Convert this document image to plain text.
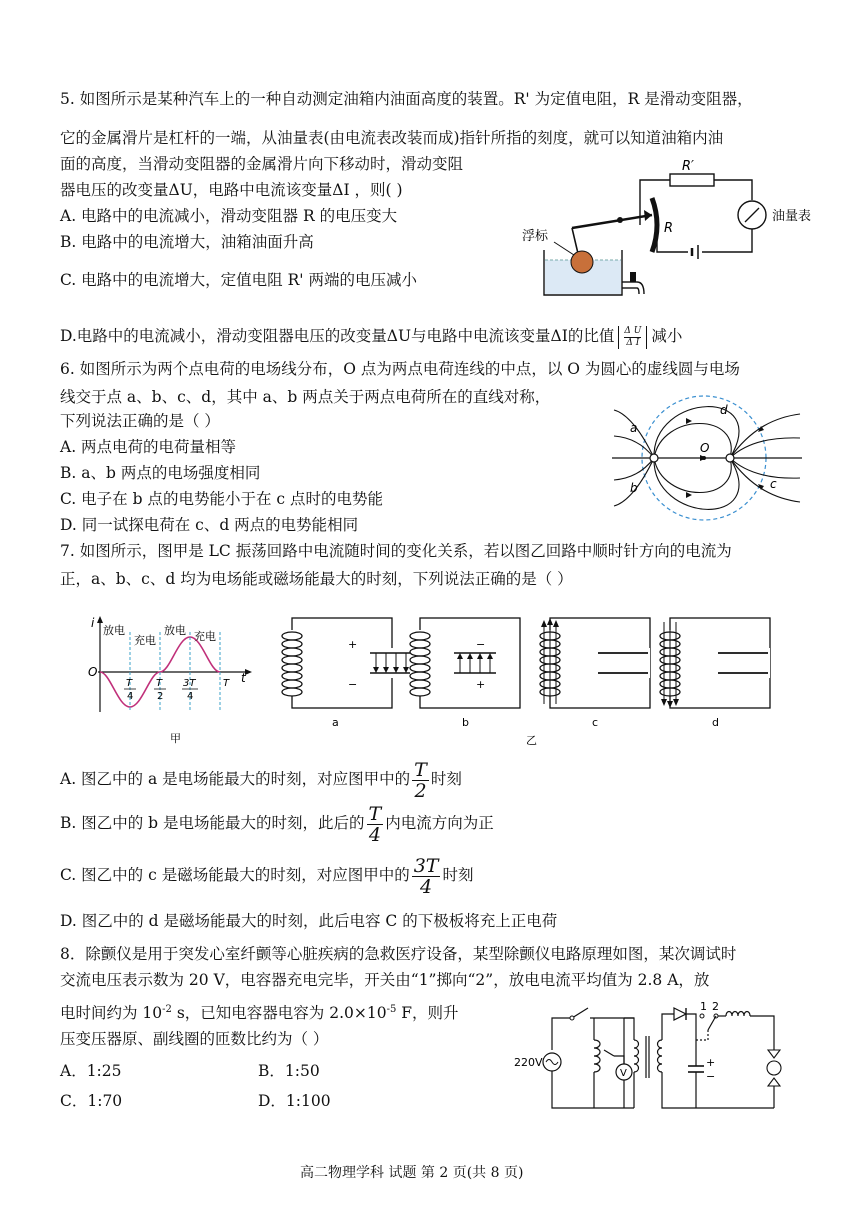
5. 如图所示是某种汽车上的一种自动测定油箱内油面高度的装置。R' 为定值电阻，R 是滑动变阻器，
它的金属滑片是杠杆的一端，从油量表(由电流表改装而成)指针所指的刻度，就可以知道油箱内油
面的高度，当滑动变阻器的金属滑片向下移动时，滑动变阻
器电压的改变量ΔU，电路中电流该变量ΔI ，则( )
A. 电路中的电流减小，滑动变阻器 R 的电压变大
B. 电路中的电流增大，油箱油面升高
C. 电路中的电流增大，定值电阻 R' 两端的电压减小
D.电路中的电流减小，滑动变阻器电压的改变量ΔU与电路中电流该变量ΔI的比值 $\frac{\text{Δ U}}{\text{Δ I}}$ 减小
R′
油量表
R
浮标
6. 如图所示为两个点电荷的电场线分布，O 点为两点电荷连线的中点，以 O 为圆心的虚线圆与电场
线交于点 a、b、c、d，其中 a、b 两点关于两点电荷所在的直线对称，
下列说法正确的是（ ）
A. 两点电荷的电荷量相等
B. a、b 两点的电场强度相同
C. 电子在 b 点的电势能小于在 c 点时的电势能
D. 同一试探电荷在 c、d 两点的电势能相同
O
a
b	c
d
7. 如图所示，图甲是 LC 振荡回路中电流随时间的变化关系，若以图乙回路中顺时针方向的电流为
正，a、b、c、d 均为电场能或磁场能最大的时刻，下列说法正确的是（ ）
i
t
O
放电
充电
放电 充电
T
4
T
2
3T
4
T
甲
+
−
a
−
+
b	c	d
乙
A. 图乙中的 a 是电场能最大的时刻，对应图甲中的 $\frac{T}{2}$ 时刻
B. 图乙中的 b 是电场能最大的时刻，此后的 $\frac{T}{4}$ 内电流方向为正
C. 图乙中的 c 是磁场能最大的时刻，对应图甲中的 $\frac{3T}{4}$ 时刻
D. 图乙中的 d 是磁场能最大的时刻，此后电容 C 的下极板将充上正电荷
8．除颤仪是用于突发心室纤颤等心脏疾病的急救医疗设备，某型除颤仪电路原理如图，某次调试时
交流电压表示数为 20 V，电容器充电完毕，开关由“1”掷向“2”，放电电流平均值为 2.8 A，放
电时间约为 $10^{-2}$ s，已知电容器电容为 $2.0\times 10^{-5}$ F，则升
压变压器原、副线圈的匝数比约为（ ）
A．1:25	B．1:50
C．1:70	D．1:100
220V
V
1 2
+
−
高二物理学科 试题 第 2 页(共 8 页)
